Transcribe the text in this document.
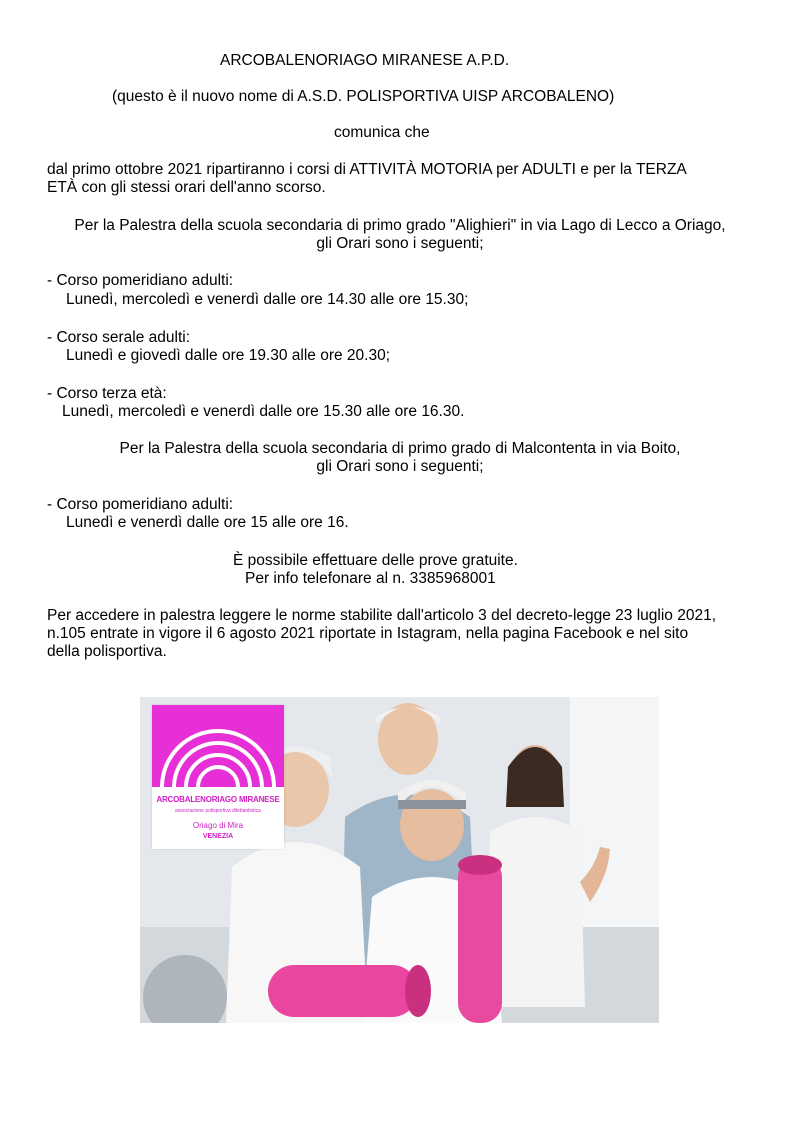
ARCOBALENORIAGO MIRANESE A.P.D.
(questo è il nuovo nome di A.S.D. POLISPORTIVA UISP ARCOBALENO)
comunica che
dal primo ottobre 2021 ripartiranno i corsi di ATTIVITÀ MOTORIA per ADULTI e per la TERZA
ETÀ con gli stessi orari dell'anno scorso.
Per la Palestra della scuola secondaria di primo grado "Alighieri" in via Lago di Lecco a Oriago,
gli Orari sono i seguenti;
- Corso pomeridiano adulti:
Lunedì, mercoledì e venerdì dalle ore 14.30 alle ore 15.30;
- Corso serale adulti:
Lunedì e giovedì dalle ore 19.30 alle ore 20.30;
- Corso terza età:
Lunedì, mercoledì e venerdì dalle ore 15.30 alle ore 16.30.
Per la Palestra della scuola secondaria di primo grado di Malcontenta in via Boito,
gli Orari sono i seguenti;
- Corso pomeridiano adulti:
Lunedì e venerdì dalle ore 15 alle ore 16.
È possibile effettuare delle prove gratuite.
Per info telefonare al n. 3385968001
Per accedere in palestra leggere le norme stabilite dall'articolo 3 del decreto-legge 23 luglio 2021,
n.105 entrate in vigore il 6 agosto 2021 riportate in Istagram, nella pagina Facebook e nel sito
della polisportiva.
ARCOBALENORIAGO MIRANESE
associazione polisportiva dilettantistica
Oriago di Mira
VENEZIA
